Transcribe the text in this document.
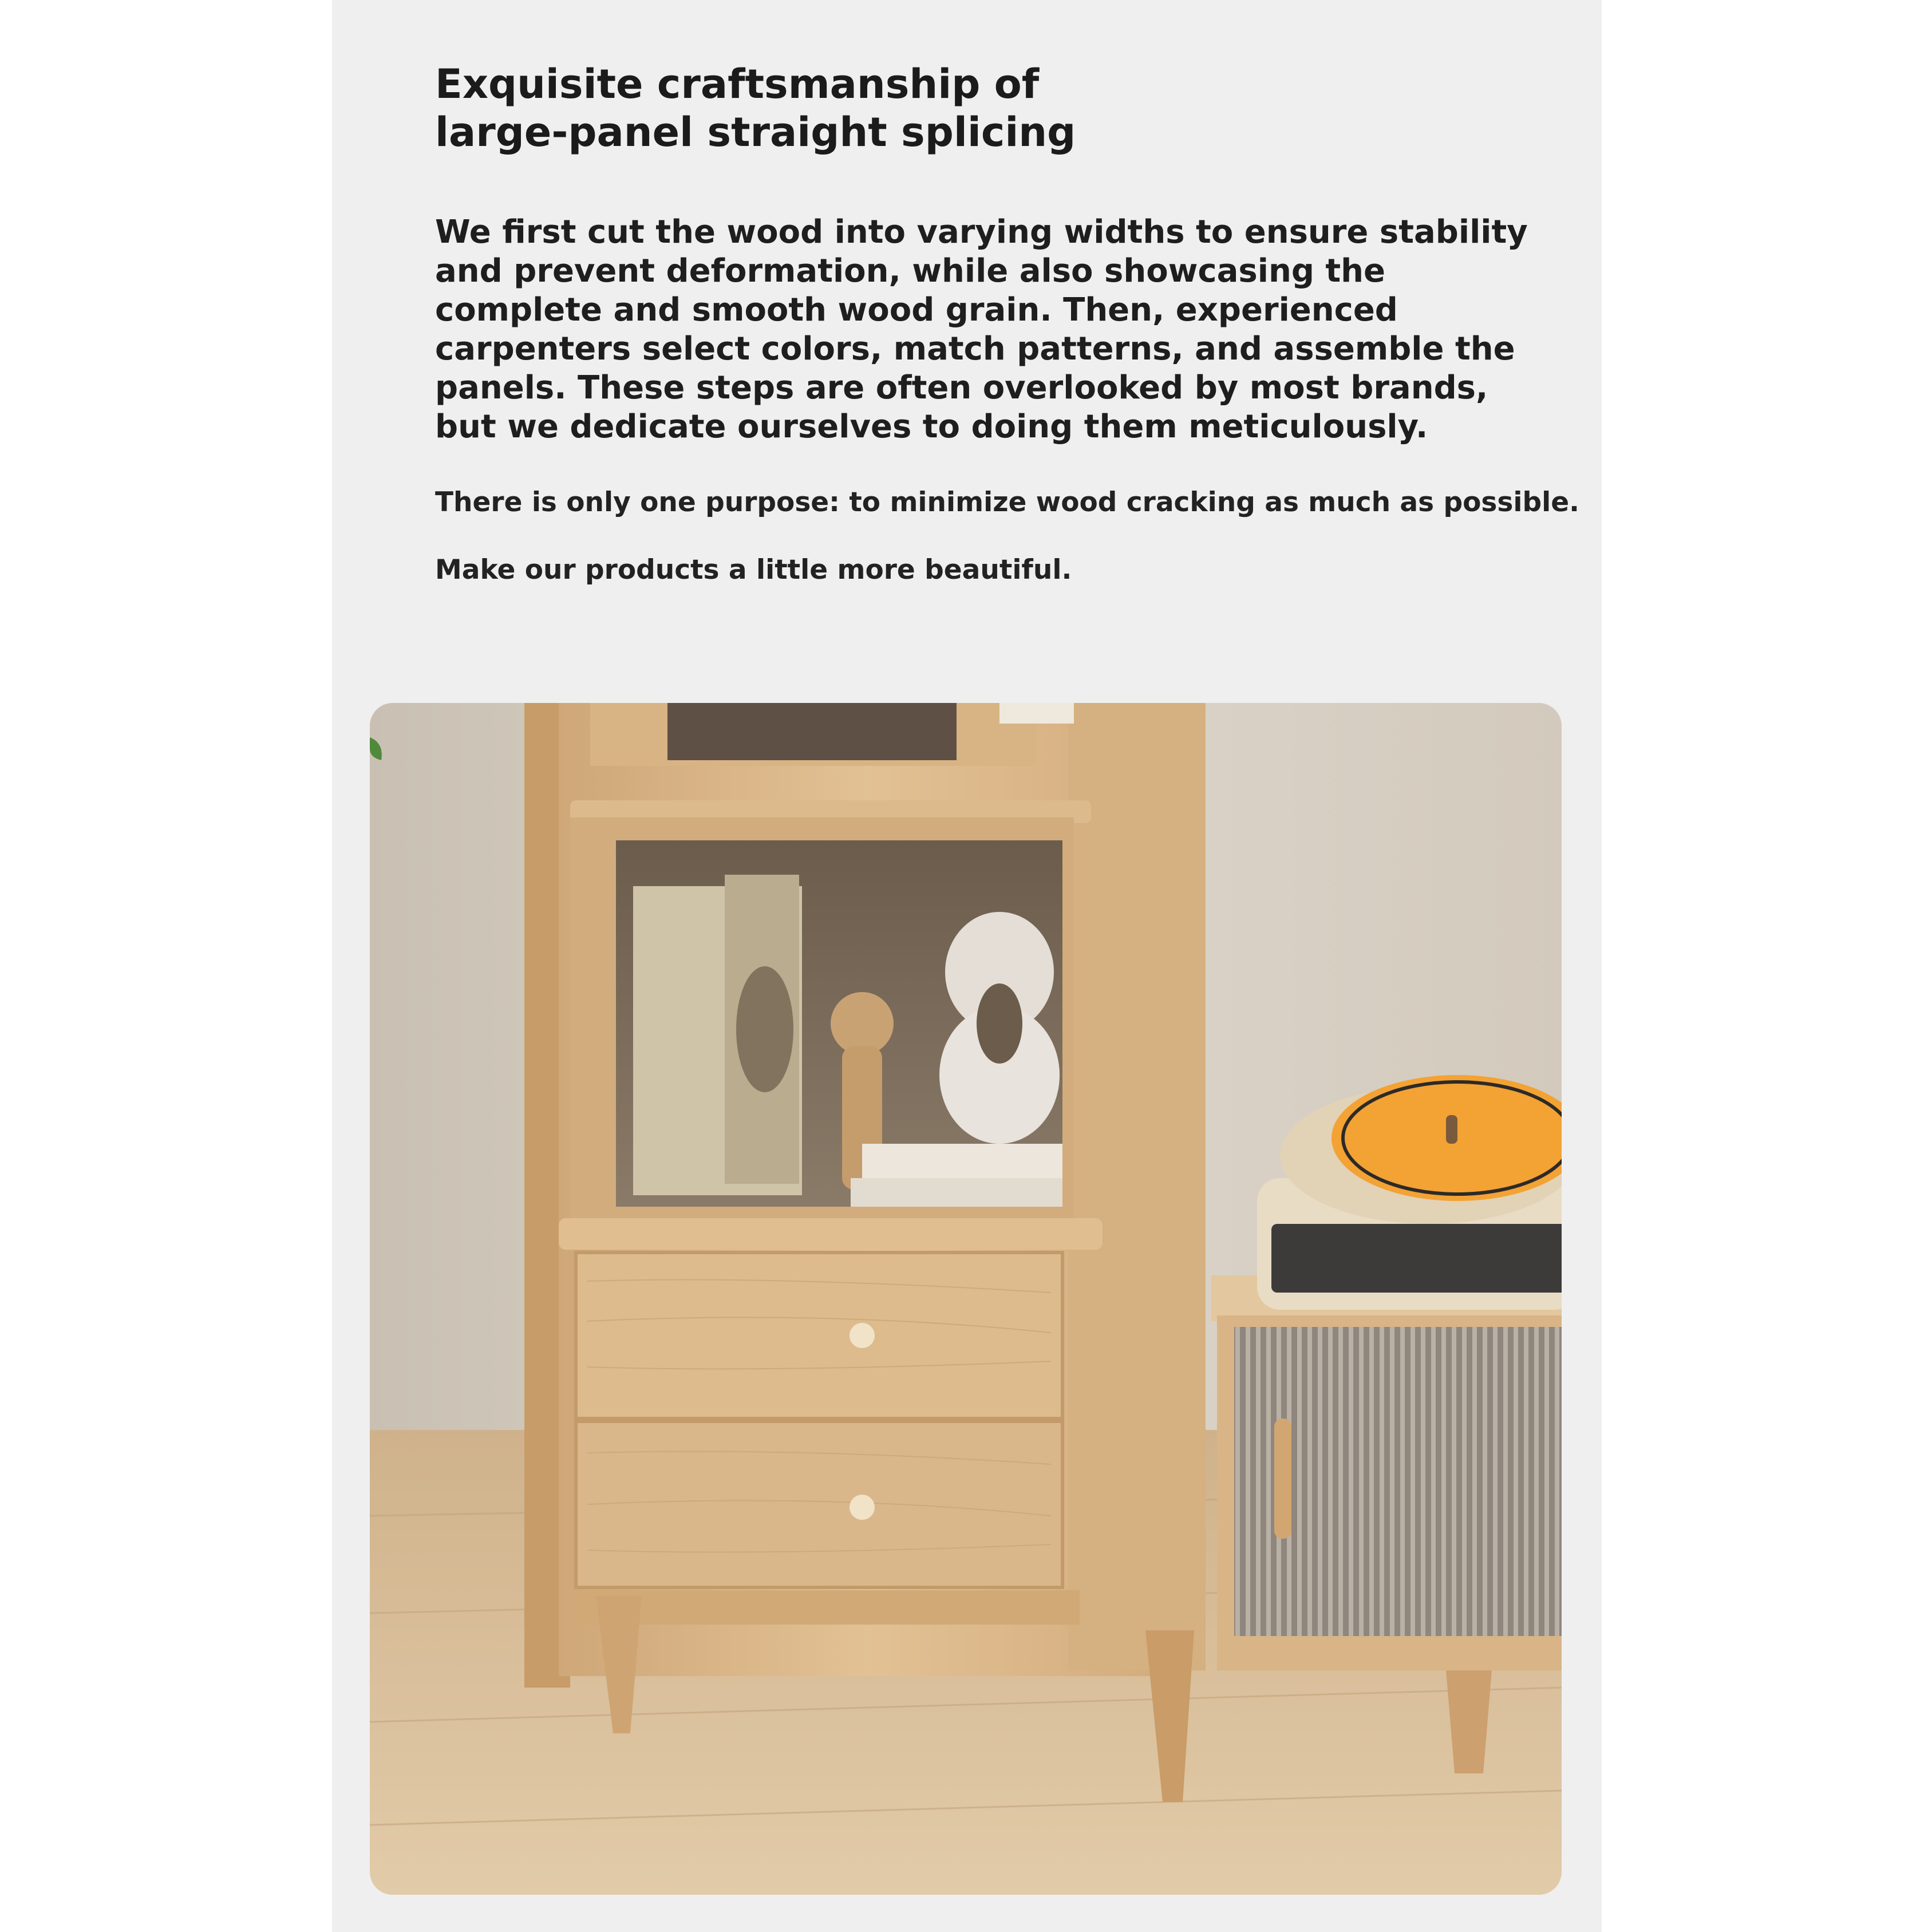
Exquisite craftsmanship of
large-panel straight splicing

We first cut the wood into varying widths to ensure stability
and prevent deformation, while also showcasing the
complete and smooth wood grain. Then, experienced
carpenters select colors, match patterns, and assemble the
panels. These steps are often overlooked by most brands,
but we dedicate ourselves to doing them meticulously.

There is only one purpose: to minimize wood cracking as much as possible.

Make our products a little more beautiful.
